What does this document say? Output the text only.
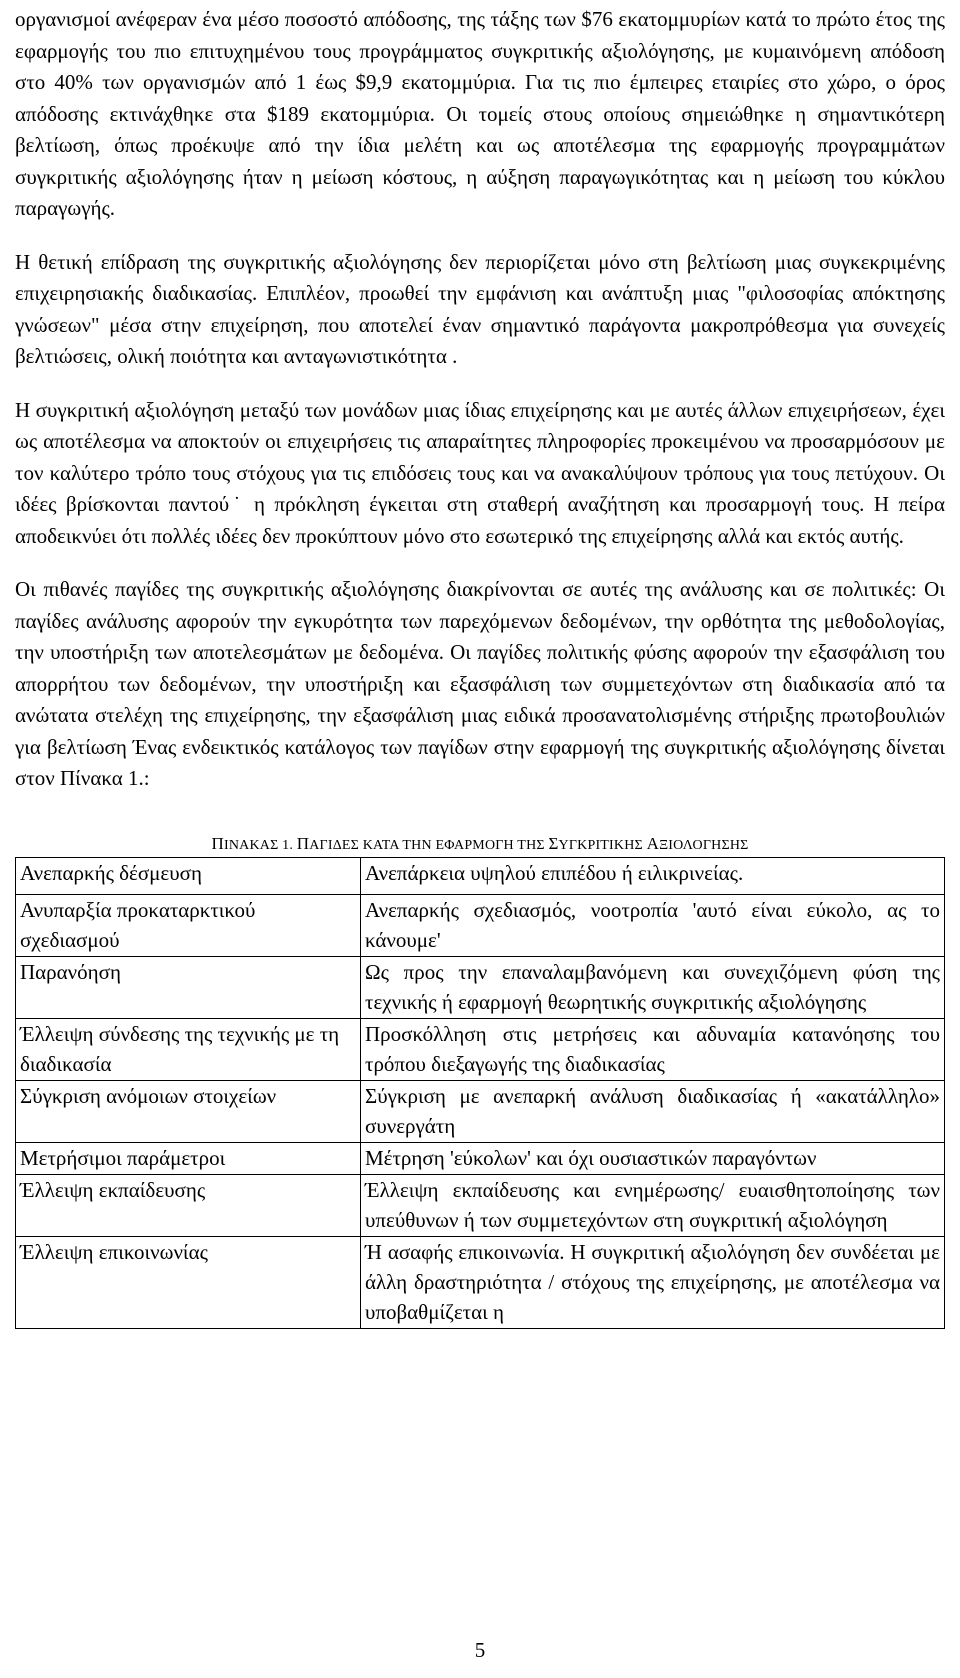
οργανισμοί ανέφεραν ένα μέσο ποσοστό απόδοσης, της τάξης των $76 εκατομμυρίων κατά το πρώτο έτος της εφαρμογής του πιο επιτυχημένου τους προγράμματος συγκριτικής αξιολόγησης, με κυμαινόμενη απόδοση στο 40% των οργανισμών από 1 έως $9,9 εκατομμύρια. Για τις πιο έμπειρες εταιρίες στο χώρο, ο όρος απόδοσης εκτινάχθηκε στα $189 εκατομμύρια. Οι τομείς στους οποίους σημειώθηκε η σημαντικότερη βελτίωση, όπως προέκυψε από την ίδια μελέτη και ως αποτέλεσμα της εφαρμογής προγραμμάτων συγκριτικής αξιολόγησης ήταν η μείωση κόστους, η αύξηση παραγωγικότητας και η μείωση του κύκλου παραγωγής.

Η θετική επίδραση της συγκριτικής αξιολόγησης δεν περιορίζεται μόνο στη βελτίωση μιας συγκεκριμένης επιχειρησιακής διαδικασίας. Επιπλέον, προωθεί την εμφάνιση και ανάπτυξη μιας "φιλοσοφίας απόκτησης γνώσεων" μέσα στην επιχείρηση, που αποτελεί έναν σημαντικό παράγοντα μακροπρόθεσμα για συνεχείς βελτιώσεις, ολική ποιότητα και ανταγωνιστικότητα .

Η συγκριτική αξιολόγηση μεταξύ των μονάδων μιας ίδιας επιχείρησης και με αυτές άλλων επιχειρήσεων, έχει ως αποτέλεσμα να αποκτούν οι επιχειρήσεις τις απαραίτητες πληροφορίες προκειμένου να προσαρμόσουν με τον καλύτερο τρόπο τους στόχους για τις επιδόσεις τους και να ανακαλύψουν τρόπους για τους πετύχουν. Οι ιδέες βρίσκονται παντού˙ η πρόκληση έγκειται στη σταθερή αναζήτηση και προσαρμογή τους. Η πείρα αποδεικνύει ότι πολλές ιδέες δεν προκύπτουν μόνο στο εσωτερικό της επιχείρησης αλλά και εκτός αυτής.

Οι πιθανές παγίδες της συγκριτικής αξιολόγησης διακρίνονται σε αυτές της ανάλυσης και σε πολιτικές: Οι παγίδες ανάλυσης αφορούν την εγκυρότητα των παρεχόμενων δεδομένων, την ορθότητα της μεθοδολογίας, την υποστήριξη των αποτελεσμάτων με δεδομένα. Οι παγίδες πολιτικής φύσης αφορούν την εξασφάλιση του απορρήτου των δεδομένων, την υποστήριξη και εξασφάλιση των συμμετεχόντων στη διαδικασία από τα ανώτατα στελέχη της επιχείρησης, την εξασφάλιση μιας ειδικά προσανατολισμένης στήριξης πρωτοβουλιών για βελτίωση Ένας ενδεικτικός κατάλογος των παγίδων στην εφαρμογή της συγκριτικής αξιολόγησης δίνεται στον Πίνακα 1.:

ΠΙΝΑΚΑΣ 1. ΠΑΓΙΔΕΣ ΚΑΤΑ ΤΗΝ ΕΦΑΡΜΟΓΗ ΤΗΣ ΣΥΓΚΡΙΤΙΚΗΣ ΑΞΙΟΛΟΓΗΣΗΣ
Ανεπαρκής δέσμευση	Ανεπάρκεια υψηλού επιπέδου ή ειλικρινείας.
Ανυπαρξία προκαταρκτικού σχεδιασμού	Ανεπαρκής σχεδιασμός, νοοτροπία 'αυτό είναι εύκολο, ας το κάνουμε'
Παρανόηση	Ως προς την επαναλαμβανόμενη και συνεχιζόμενη φύση της τεχνικής ή εφαρμογή θεωρητικής συγκριτικής αξιολόγησης
Έλλειψη σύνδεσης της τεχνικής με τη διαδικασία	Προσκόλληση στις μετρήσεις και αδυναμία κατανόησης του τρόπου διεξαγωγής της διαδικασίας
Σύγκριση ανόμοιων στοιχείων	Σύγκριση με ανεπαρκή ανάλυση διαδικασίας ή «ακατάλληλο» συνεργάτη
Μετρήσιμοι παράμετροι	Μέτρηση 'εύκολων' και όχι ουσιαστικών παραγόντων
Έλλειψη εκπαίδευσης	Έλλειψη εκπαίδευσης και ενημέρωσης/ ευαισθητοποίησης των υπεύθυνων ή των συμμετεχόντων στη συγκριτική αξιολόγηση
Έλλειψη επικοινωνίας	Ή ασαφής επικοινωνία. Η συγκριτική αξιολόγηση δεν συνδέεται με άλλη δραστηριότητα / στόχους της επιχείρησης, με αποτέλεσμα να υποβαθμίζεται η
5
